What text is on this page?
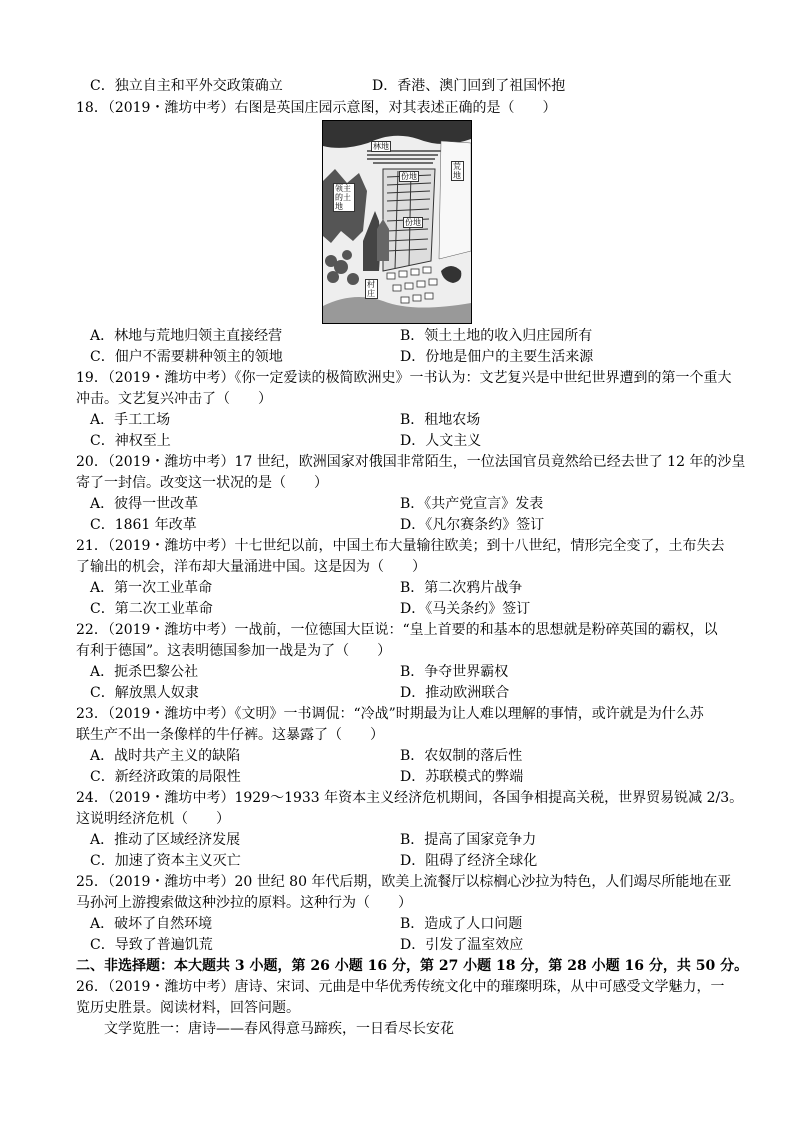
C．独立自主和平外交政策确立	D．香港、澳门回到了祖国怀抱
18．（2019・潍坊中考）右图是英国庄园示意图，对其表述正确的是（　　）
林地
荒地
领主的土地
份地
份地
村庄
A．林地与荒地归领主直接经营	B．领土土地的收入归庄园所有
C．佃户不需要耕种领主的领地	D．份地是佃户的主要生活来源
19．（2019・潍坊中考）《你一定爱读的极简欧洲史》一书认为：文艺复兴是中世纪世界遭到的第一个重大
冲击。文艺复兴冲击了（　　）
A．手工工场	B．租地农场
C．神权至上	D．人文主义
20．（2019・潍坊中考）17 世纪，欧洲国家对俄国非常陌生，一位法国官员竟然给已经去世了 12 年的沙皇
寄了一封信。改变这一状况的是（　　）
A．彼得一世改革	B．《共产党宣言》发表
C．1861 年改革	D．《凡尔赛条约》签订
21．（2019・潍坊中考）十七世纪以前，中国土布大量输往欧美；到十八世纪，情形完全变了，土布失去
了输出的机会，洋布却大量涌进中国。这是因为（　　）
A．第一次工业革命	B．第二次鸦片战争
C．第二次工业革命	D．《马关条约》签订
22．（2019・潍坊中考）一战前，一位德国大臣说：“皇上首要的和基本的思想就是粉碎英国的霸权，以
有利于德国”。这表明德国参加一战是为了（　　）
A．扼杀巴黎公社	B．争夺世界霸权
C．解放黑人奴隶	D．推动欧洲联合
23．（2019・潍坊中考）《文明》一书调侃：“冷战”时期最为让人难以理解的事情，或许就是为什么苏
联生产不出一条像样的牛仔裤。这暴露了（　　）
A．战时共产主义的缺陷	B．农奴制的落后性
C．新经济政策的局限性	D．苏联模式的弊端
24．（2019・潍坊中考）1929～1933 年资本主义经济危机期间，各国争相提高关税，世界贸易锐减 2/3。
这说明经济危机（　　）
A．推动了区域经济发展	B．提高了国家竞争力
C．加速了资本主义灭亡	D．阻碍了经济全球化
25．（2019・潍坊中考）20 世纪 80 年代后期，欧美上流餐厅以棕榈心沙拉为特色，人们竭尽所能地在亚
马孙河上游搜索做这种沙拉的原料。这种行为（　　）
A．破坏了自然环境	B．造成了人口问题
C．导致了普遍饥荒	D．引发了温室效应
二、非选择题：本大题共 3 小题，第 26 小题 16 分，第 27 小题 18 分，第 28 小题 16 分，共 50 分。
26．（2019・潍坊中考）唐诗、宋词、元曲是中华优秀传统文化中的璀璨明珠，从中可感受文学魅力，一
览历史胜景。阅读材料，回答问题。
文学览胜一：唐诗——春风得意马蹄疾，一日看尽长安花
